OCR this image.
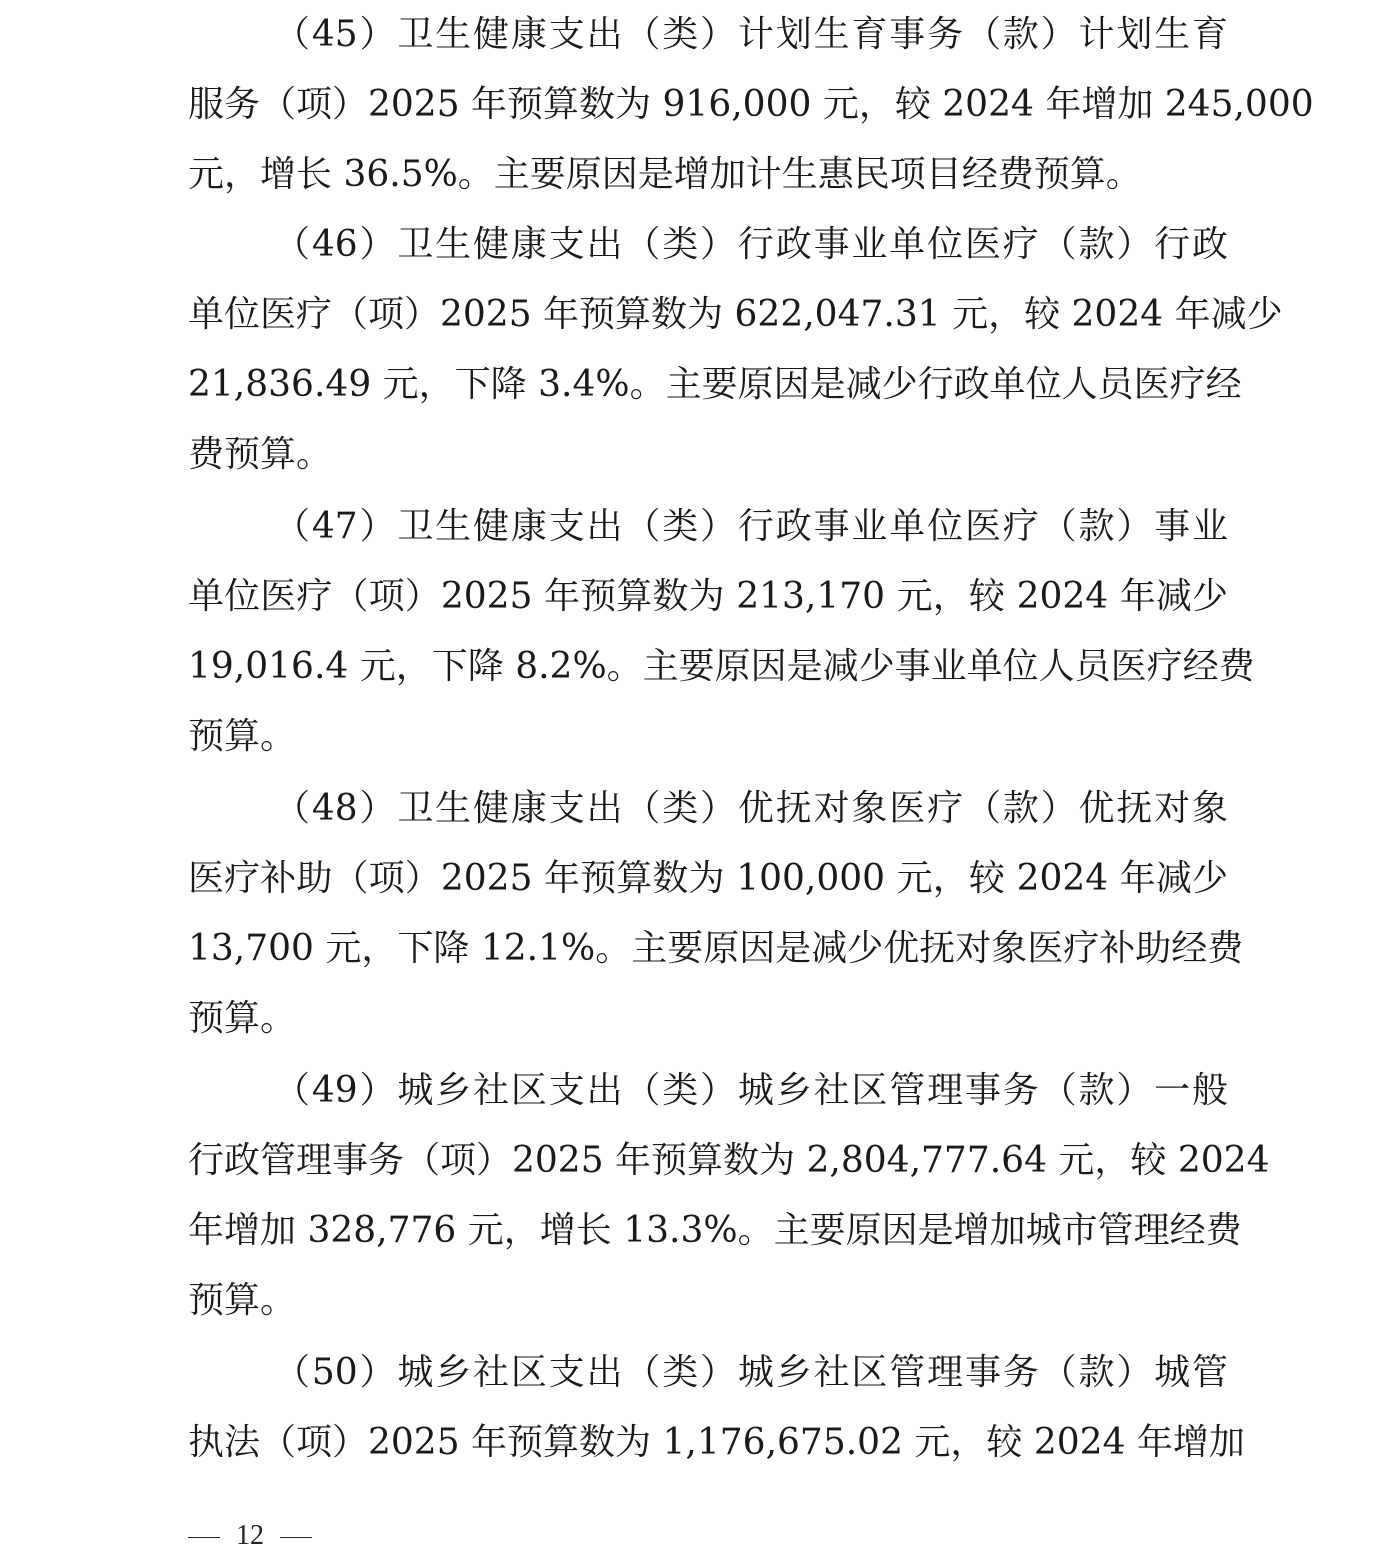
（45）卫生健康支出（类）计划生育事务（款）计划生育
服务（项）2025 年预算数为 916,000 元，较 2024 年增加 245,000
元，增长 36.5%。主要原因是增加计生惠民项目经费预算。
（46）卫生健康支出（类）行政事业单位医疗（款）行政
单位医疗（项）2025 年预算数为 622,047.31 元，较 2024 年减少
21,836.49 元，下降 3.4%。主要原因是减少行政单位人员医疗经
费预算。
（47）卫生健康支出（类）行政事业单位医疗（款）事业
单位医疗（项）2025 年预算数为 213,170 元，较 2024 年减少
19,016.4 元，下降 8.2%。主要原因是减少事业单位人员医疗经费
预算。
（48）卫生健康支出（类）优抚对象医疗（款）优抚对象
医疗补助（项）2025 年预算数为 100,000 元，较 2024 年减少
13,700 元，下降 12.1%。主要原因是减少优抚对象医疗补助经费
预算。
（49）城乡社区支出（类）城乡社区管理事务（款）一般
行政管理事务（项）2025 年预算数为 2,804,777.64 元，较 2024
年增加 328,776 元，增长 13.3%。主要原因是增加城市管理经费
预算。
（50）城乡社区支出（类）城乡社区管理事务（款）城管
执法（项）2025 年预算数为 1,176,675.02 元，较 2024 年增加
12
